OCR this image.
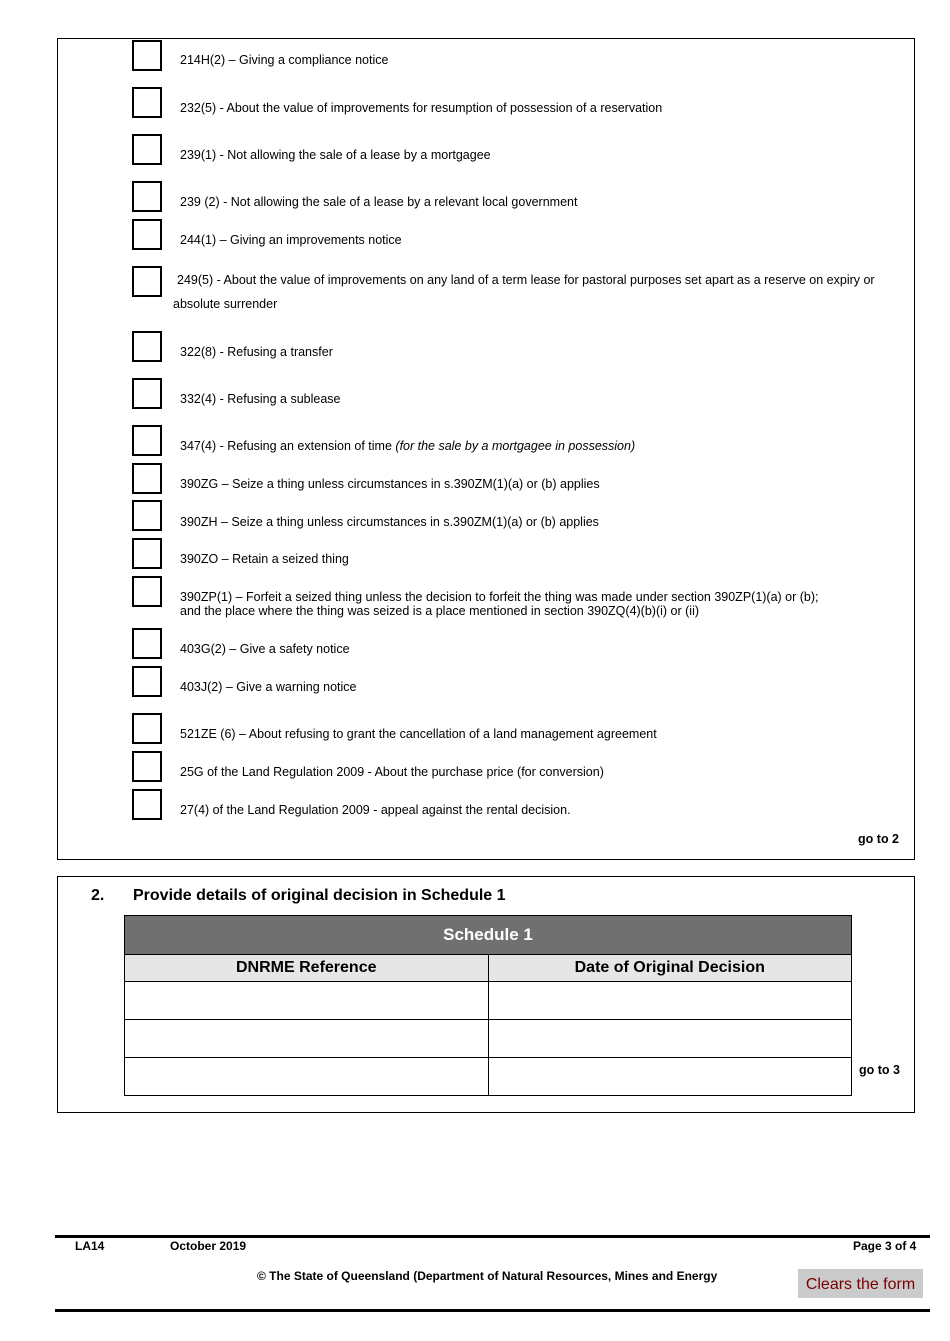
214H(2) – Giving a compliance notice
232(5) - About the value of improvements for resumption of possession of a reservation
239(1) - Not allowing the sale of a lease by a mortgagee
239 (2) - Not allowing the sale of a lease by a relevant local government
244(1) – Giving an improvements notice
249(5) - About the value of improvements on any land of a term lease for pastoral purposes set apart as a reserve on expiry or
absolute surrender
322(8) - Refusing a transfer
332(4) - Refusing a sublease
347(4) - Refusing an extension of time (for the sale by a mortgagee in possession)
390ZG – Seize a thing unless circumstances in s.390ZM(1)(a) or (b) applies
390ZH – Seize a thing unless circumstances in s.390ZM(1)(a) or (b) applies
390ZO – Retain a seized thing
390ZP(1) – Forfeit a seized thing unless the decision to forfeit the thing was made under section 390ZP(1)(a) or (b);
and the place where the thing was seized is a place mentioned in section 390ZQ(4)(b)(i) or (ii)
403G(2) – Give a safety notice
403J(2) – Give a warning notice
521ZE (6) – About refusing to grant the cancellation of a land management agreement
25G of the Land Regulation 2009 - About the purchase price (for conversion)
27(4) of the Land Regulation 2009 - appeal against the rental decision.
go to 2
2. Provide details of original decision in Schedule 1
Schedule 1	
DNRME Reference	Date of Original Decision

go to 3
LA14	October 2019	Page 3 of 4
© The State of Queensland (Department of Natural Resources, Mines and Energy	Clears the form
